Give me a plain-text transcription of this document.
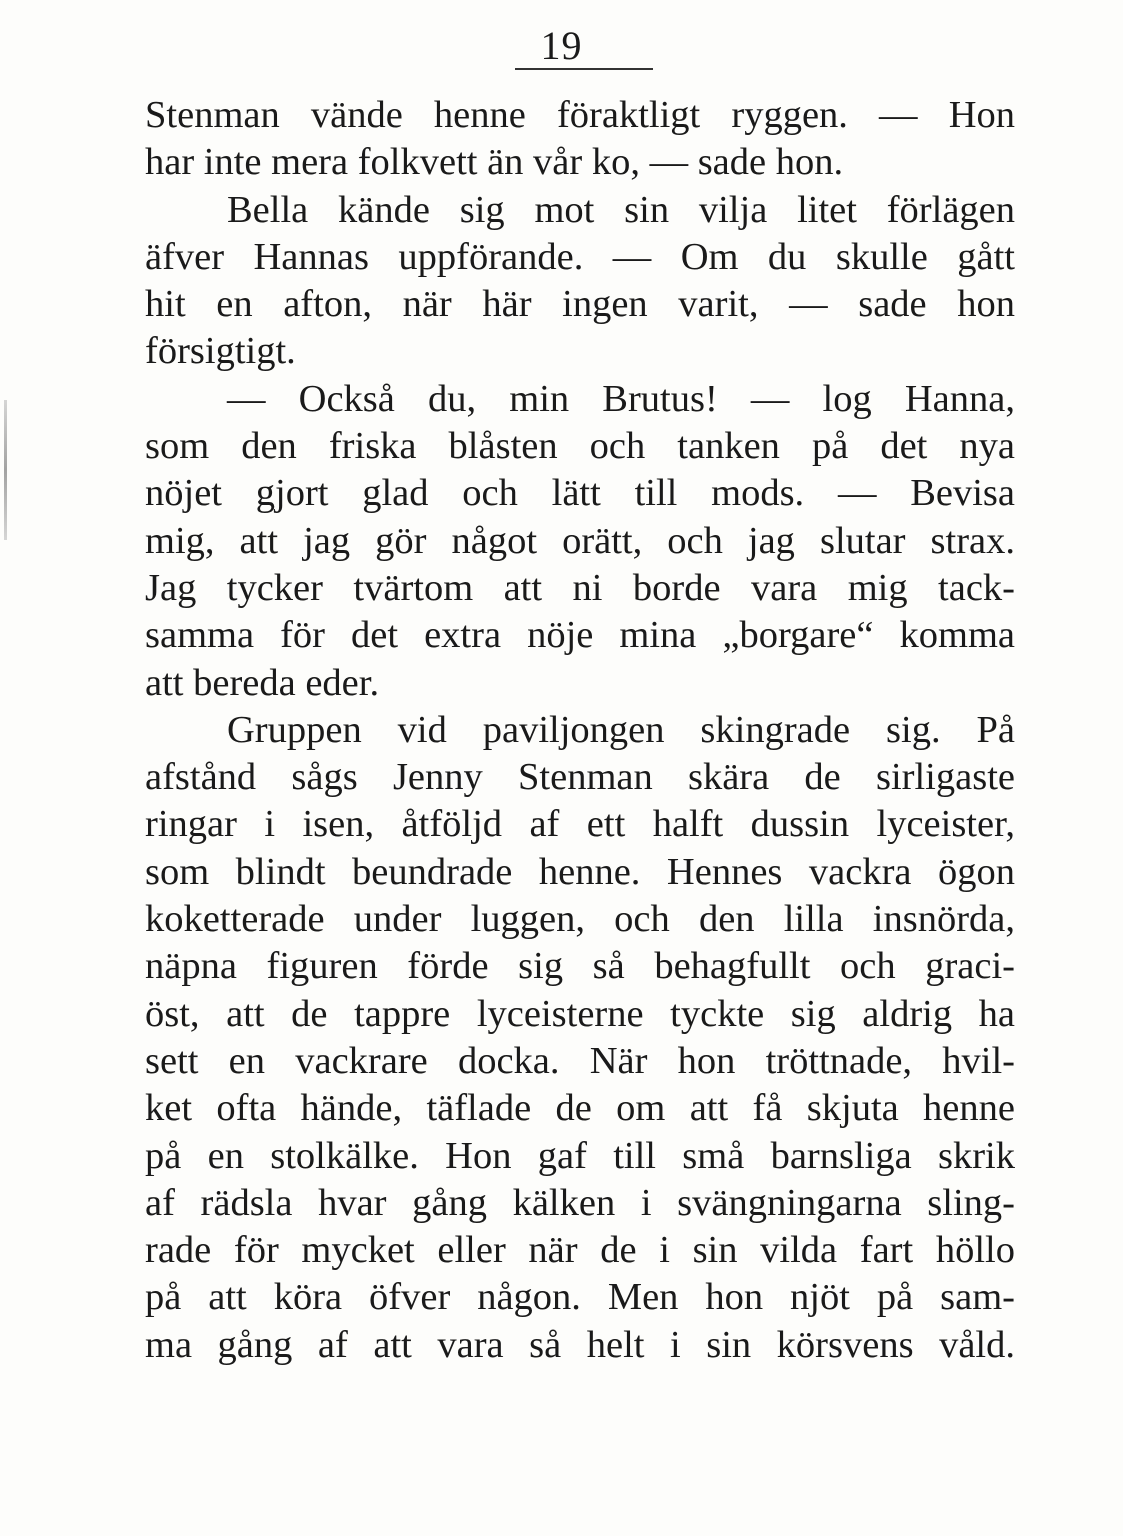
19
Stenman vände henne föraktligt ryggen. — Hon
har inte mera folkvett än vår ko, — sade hon.
Bella kände sig mot sin vilja litet förlägen
äfver Hannas uppförande. — Om du skulle gått
hit en afton, när här ingen varit, — sade hon
försigtigt.
— Också du, min Brutus! — log Hanna,
som den friska blåsten och tanken på det nya
nöjet gjort glad och lätt till mods. — Bevisa
mig, att jag gör något orätt, och jag slutar strax.
Jag tycker tvärtom att ni borde vara mig tack-
samma för det extra nöje mina „borgare“ komma
att bereda eder.
Gruppen vid paviljongen skingrade sig. På
afstånd sågs Jenny Stenman skära de sirligaste
ringar i isen, åtföljd af ett halft dussin lyceister,
som blindt beundrade henne. Hennes vackra ögon
koketterade under luggen, och den lilla insnörda,
näpna figuren förde sig så behagfullt och graci-
öst, att de tappre lyceisterne tyckte sig aldrig ha
sett en vackrare docka. När hon tröttnade, hvil-
ket ofta hände, täflade de om att få skjuta henne
på en stolkälke. Hon gaf till små barnsliga skrik
af rädsla hvar gång kälken i svängningarna sling-
rade för mycket eller när de i sin vilda fart höllo
på att köra öfver någon. Men hon njöt på sam-
ma gång af att vara så helt i sin körsvens våld.
